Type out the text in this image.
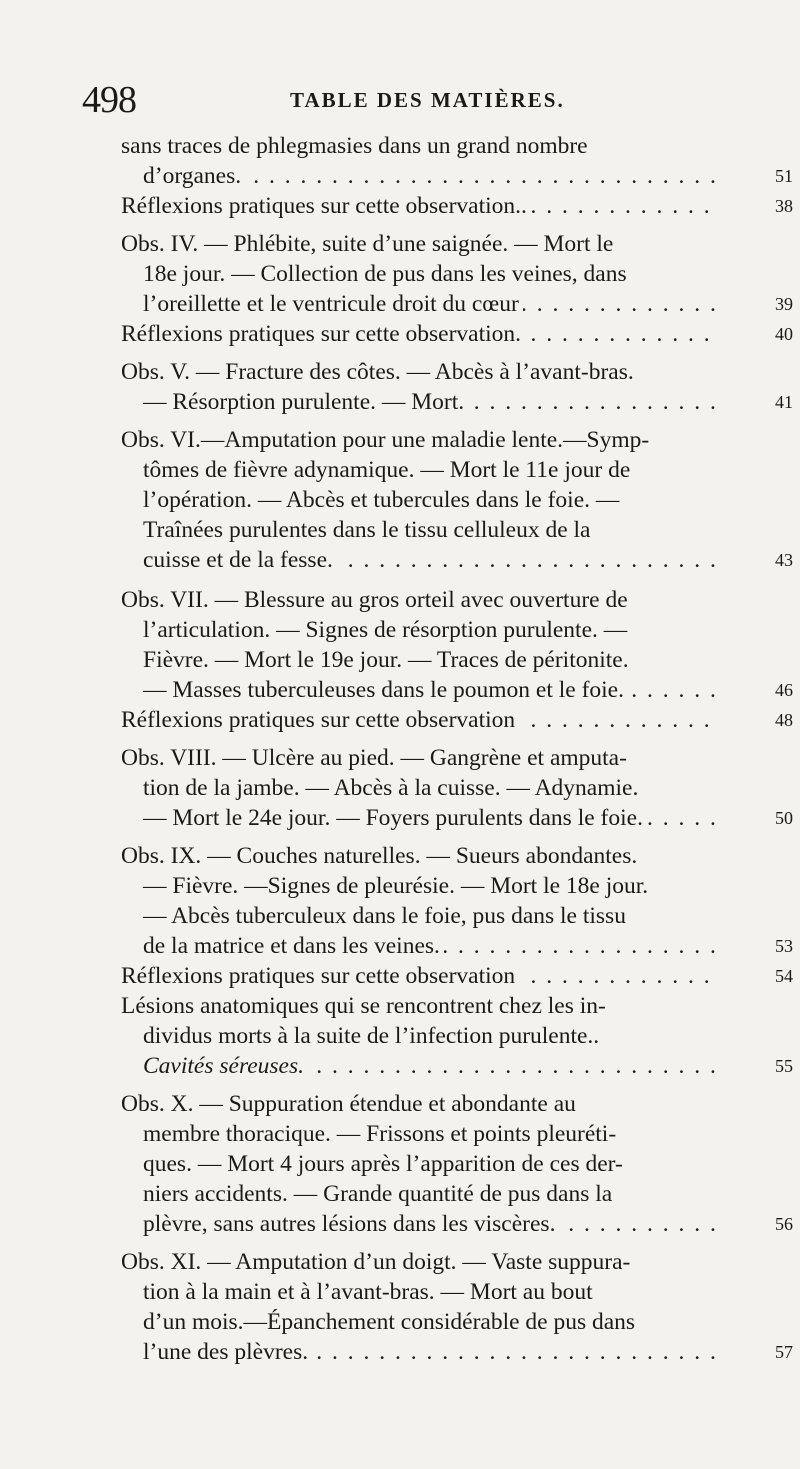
498	TABLE DES MATIÈRES.
sans traces de phlegmasies dans un grand nombre
d’organes.	51
. . .
Réflexions pratiques sur cette observation..	38
. . .
Obs. IV. — Phlébite, suite d’une saignée. — Mort le
18e jour. — Collection de pus dans les veines, dans
l’oreillette et le ventricule droit du cœur	39
. . .
Réflexions pratiques sur cette observation.	40
. . .
Obs. V. — Fracture des côtes. — Abcès à l’avant-bras.
— Résorption purulente. — Mort.	41
. . .
Obs. VI.—Amputation pour une maladie lente.—Symp-
tômes de fièvre adynamique. — Mort le 11e jour de
l’opération. — Abcès et tubercules dans le foie. —
Traînées purulentes dans le tissu celluleux de la
cuisse et de la fesse.	43
. . .
Obs. VII. — Blessure au gros orteil avec ouverture de
l’articulation. — Signes de résorption purulente. —
Fièvre. — Mort le 19e jour. — Traces de péritonite.
— Masses tuberculeuses dans le poumon et le foie.	46
. . .
Réflexions pratiques sur cette observation	48
. . .
Obs. VIII. — Ulcère au pied. — Gangrène et amputa-
tion de la jambe. — Abcès à la cuisse. — Adynamie.
— Mort le 24e jour. — Foyers purulents dans le foie.	50
. . .
Obs. IX. — Couches naturelles. — Sueurs abondantes.
— Fièvre. —Signes de pleurésie. — Mort le 18e jour.
— Abcès tuberculeux dans le foie, pus dans le tissu
de la matrice et dans les veines.	53
. . .
Réflexions pratiques sur cette observation	54
. . .
Lésions anatomiques qui se rencontrent chez les in-
dividus morts à la suite de l’infection purulente..
Cavités séreuses.	55
. . .
Obs. X. — Suppuration étendue et abondante au
membre thoracique. — Frissons et points pleuréti-
ques. — Mort 4 jours après l’apparition de ces der-
niers accidents. — Grande quantité de pus dans la
plèvre, sans autres lésions dans les viscères.	56
. . .
Obs. XI. — Amputation d’un doigt. — Vaste suppura-
tion à la main et à l’avant-bras. — Mort au bout
d’un mois.—Épanchement considérable de pus dans
l’une des plèvres.	57
. . .
